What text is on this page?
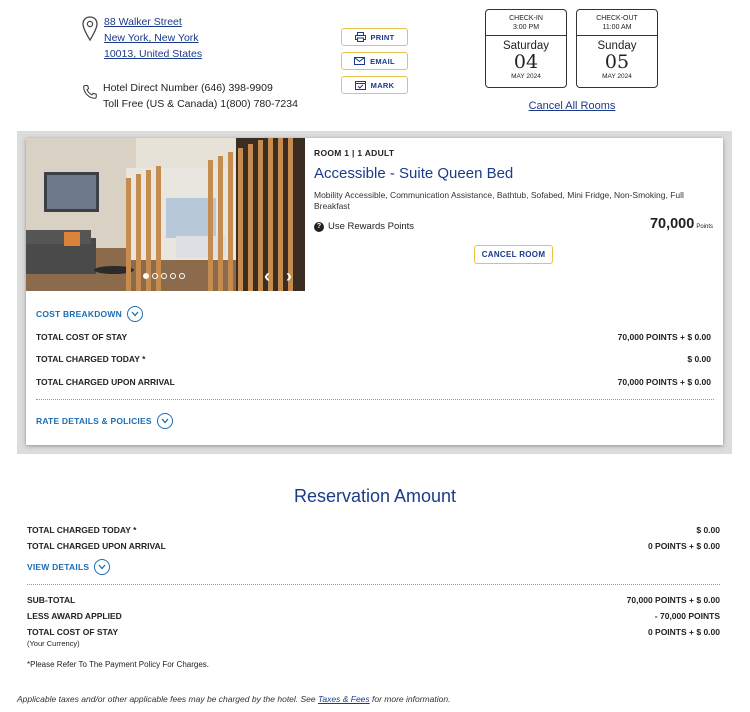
88 Walker Street
New York, New York
10013, United States
Hotel Direct Number (646) 398-9909
Toll Free (US & Canada) 1(800) 780-7234
PRINT
EMAIL
MARK
CHECK-IN
3:00 PM
Saturday
04
MAY 2024
CHECK-OUT
11:00 AM
Sunday
05
MAY 2024
Cancel All Rooms
‹ ›
ROOM 1 | 1 ADULT
Accessible - Suite Queen Bed
Mobility Accessible, Communication Assistance, Bathtub, Sofabed, Mini Fridge, Non-Smoking, Full Breakfast
? Use Rewards Points	70,000 Points
CANCEL ROOM
COST BREAKDOWN
TOTAL COST OF STAY	70,000 POINTS + $ 0.00
TOTAL CHARGED TODAY *	$ 0.00
TOTAL CHARGED UPON ARRIVAL	70,000 POINTS + $ 0.00
RATE DETAILS & POLICIES
Reservation Amount
TOTAL CHARGED TODAY *	$ 0.00
TOTAL CHARGED UPON ARRIVAL	0 POINTS + $ 0.00
VIEW DETAILS
SUB-TOTAL	70,000 POINTS + $ 0.00
LESS AWARD APPLIED	- 70,000 POINTS
TOTAL COST OF STAY	0 POINTS + $ 0.00
(Your Currency)
*Please Refer To The Payment Policy For Charges.
Applicable taxes and/or other applicable fees may be charged by the hotel. See Taxes & Fees for more information.
